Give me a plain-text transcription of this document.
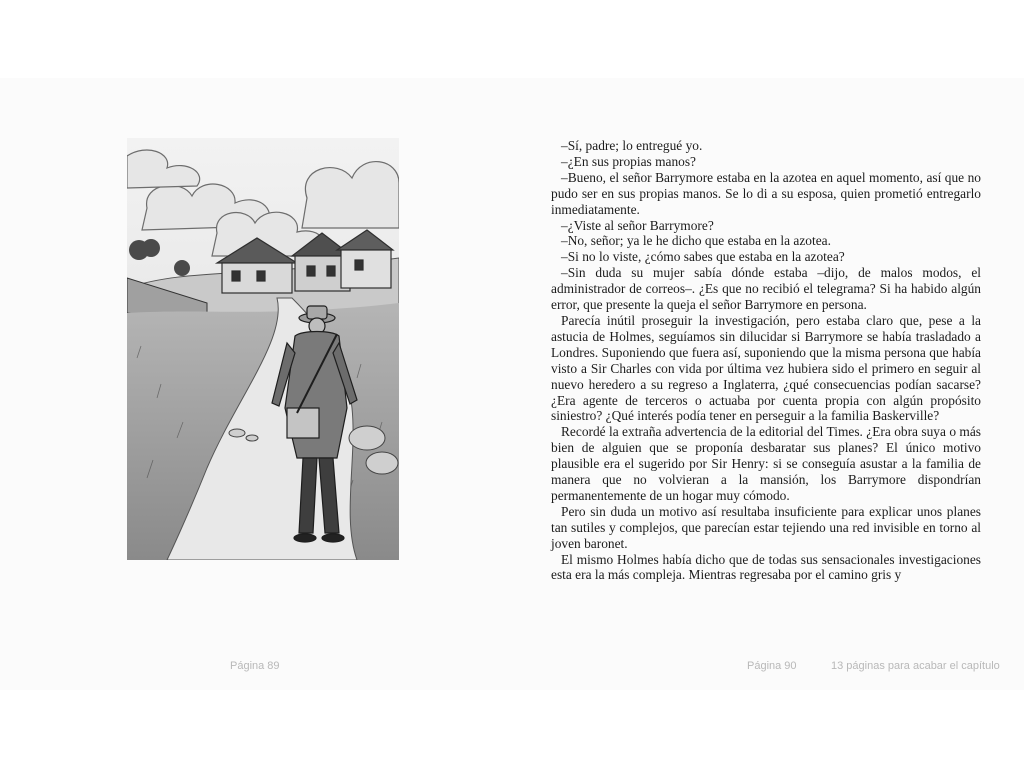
–Sí, padre; lo entregué yo.

–¿En sus propias manos?

–Bueno, el señor Barrymore estaba en la azotea en aquel momento, así que no pudo ser en sus propias manos. Se lo di a su esposa, quien prometió entregarlo inmediatamente.

–¿Viste al señor Barrymore?

–No, señor; ya le he dicho que estaba en la azotea.

–Si no lo viste, ¿cómo sabes que estaba en la azotea?

–Sin duda su mujer sabía dónde estaba –dijo, de malos modos, el administrador de correos–. ¿Es que no recibió el telegrama? Si ha habido algún error, que presente la queja el señor Barrymore en persona.

Parecía inútil proseguir la investigación, pero estaba claro que, pese a la astucia de Holmes, seguíamos sin dilucidar si Barrymore se había trasladado a Londres. Suponiendo que fuera así, suponiendo que la misma persona que había visto a Sir Charles con vida por última vez hubiera sido el primero en seguir al nuevo heredero a su regreso a Inglaterra, ¿qué consecuencias podían sacarse? ¿Era agente de terceros o actuaba por cuenta propia con algún propósito siniestro? ¿Qué interés podía tener en perseguir a la familia Baskerville?

Recordé la extraña advertencia de la editorial del Times. ¿Era obra suya o más bien de alguien que se proponía desbaratar sus planes? El único motivo plausible era el sugerido por Sir Henry: si se conseguía asustar a la familia de manera que no volvieran a la mansión, los Barrymore dispondrían permanentemente de un hogar muy cómodo.

Pero sin duda un motivo así resultaba insuficiente para explicar unos planes tan sutiles y complejos, que parecían estar tejiendo una red invisible en torno al joven baronet.

El mismo Holmes había dicho que de todas sus sensacionales investigaciones esta era la más compleja. Mientras regresaba por el camino gris y

Página 89	Página 90	13 páginas para acabar el capítulo
